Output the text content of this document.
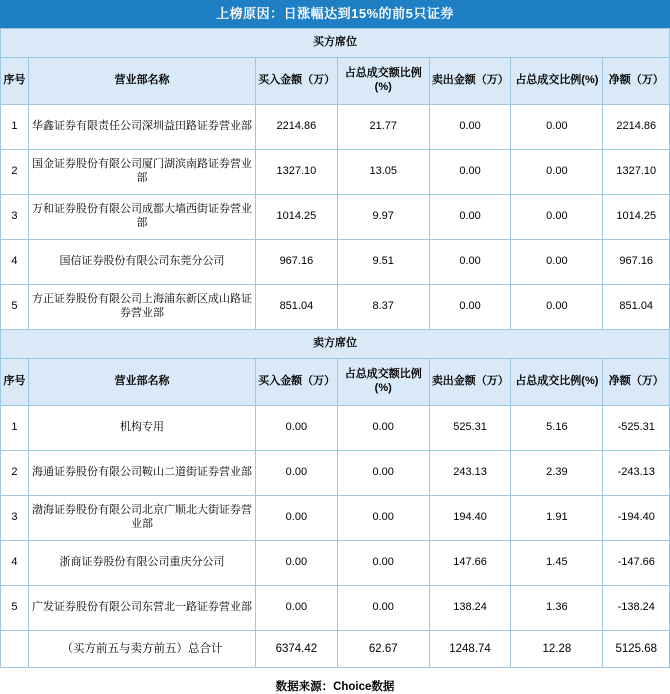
上榜原因：日涨幅达到15%的前5只证券
买方席位						
序号	营业部名称	买入金额（万）	占总成交额比例(%)	卖出金额（万）	占总成交比例(%)	净额（万）
1	华鑫证券有限责任公司深圳益田路证券营业部	2214.86	21.77	0.00	0.00	2214.86
2	国金证券股份有限公司厦门湖滨南路证券营业部	1327.10	13.05	0.00	0.00	1327.10
3	万和证券股份有限公司成都大墙西街证券营业部	1014.25	9.97	0.00	0.00	1014.25
4	国信证券股份有限公司东莞分公司	967.16	9.51	0.00	0.00	967.16
5	方正证券股份有限公司上海浦东新区成山路证券营业部	851.04	8.37	0.00	0.00	851.04
卖方席位						
序号	营业部名称	买入金额（万）	占总成交额比例(%)	卖出金额（万）	占总成交比例(%)	净额（万）
1	机构专用	0.00	0.00	525.31	5.16	-525.31
2	海通证券股份有限公司鞍山二道街证券营业部	0.00	0.00	243.13	2.39	-243.13
3	渤海证券股份有限公司北京广顺北大街证券营业部	0.00	0.00	194.40	1.91	-194.40
4	浙商证券股份有限公司重庆分公司	0.00	0.00	147.66	1.45	-147.66
5	广发证券股份有限公司东营北一路证券营业部	0.00	0.00	138.24	1.36	-138.24
	（买方前五与卖方前五）总合计	6374.42	62.67	1248.74	12.28	5125.68
数据来源：Choice数据
